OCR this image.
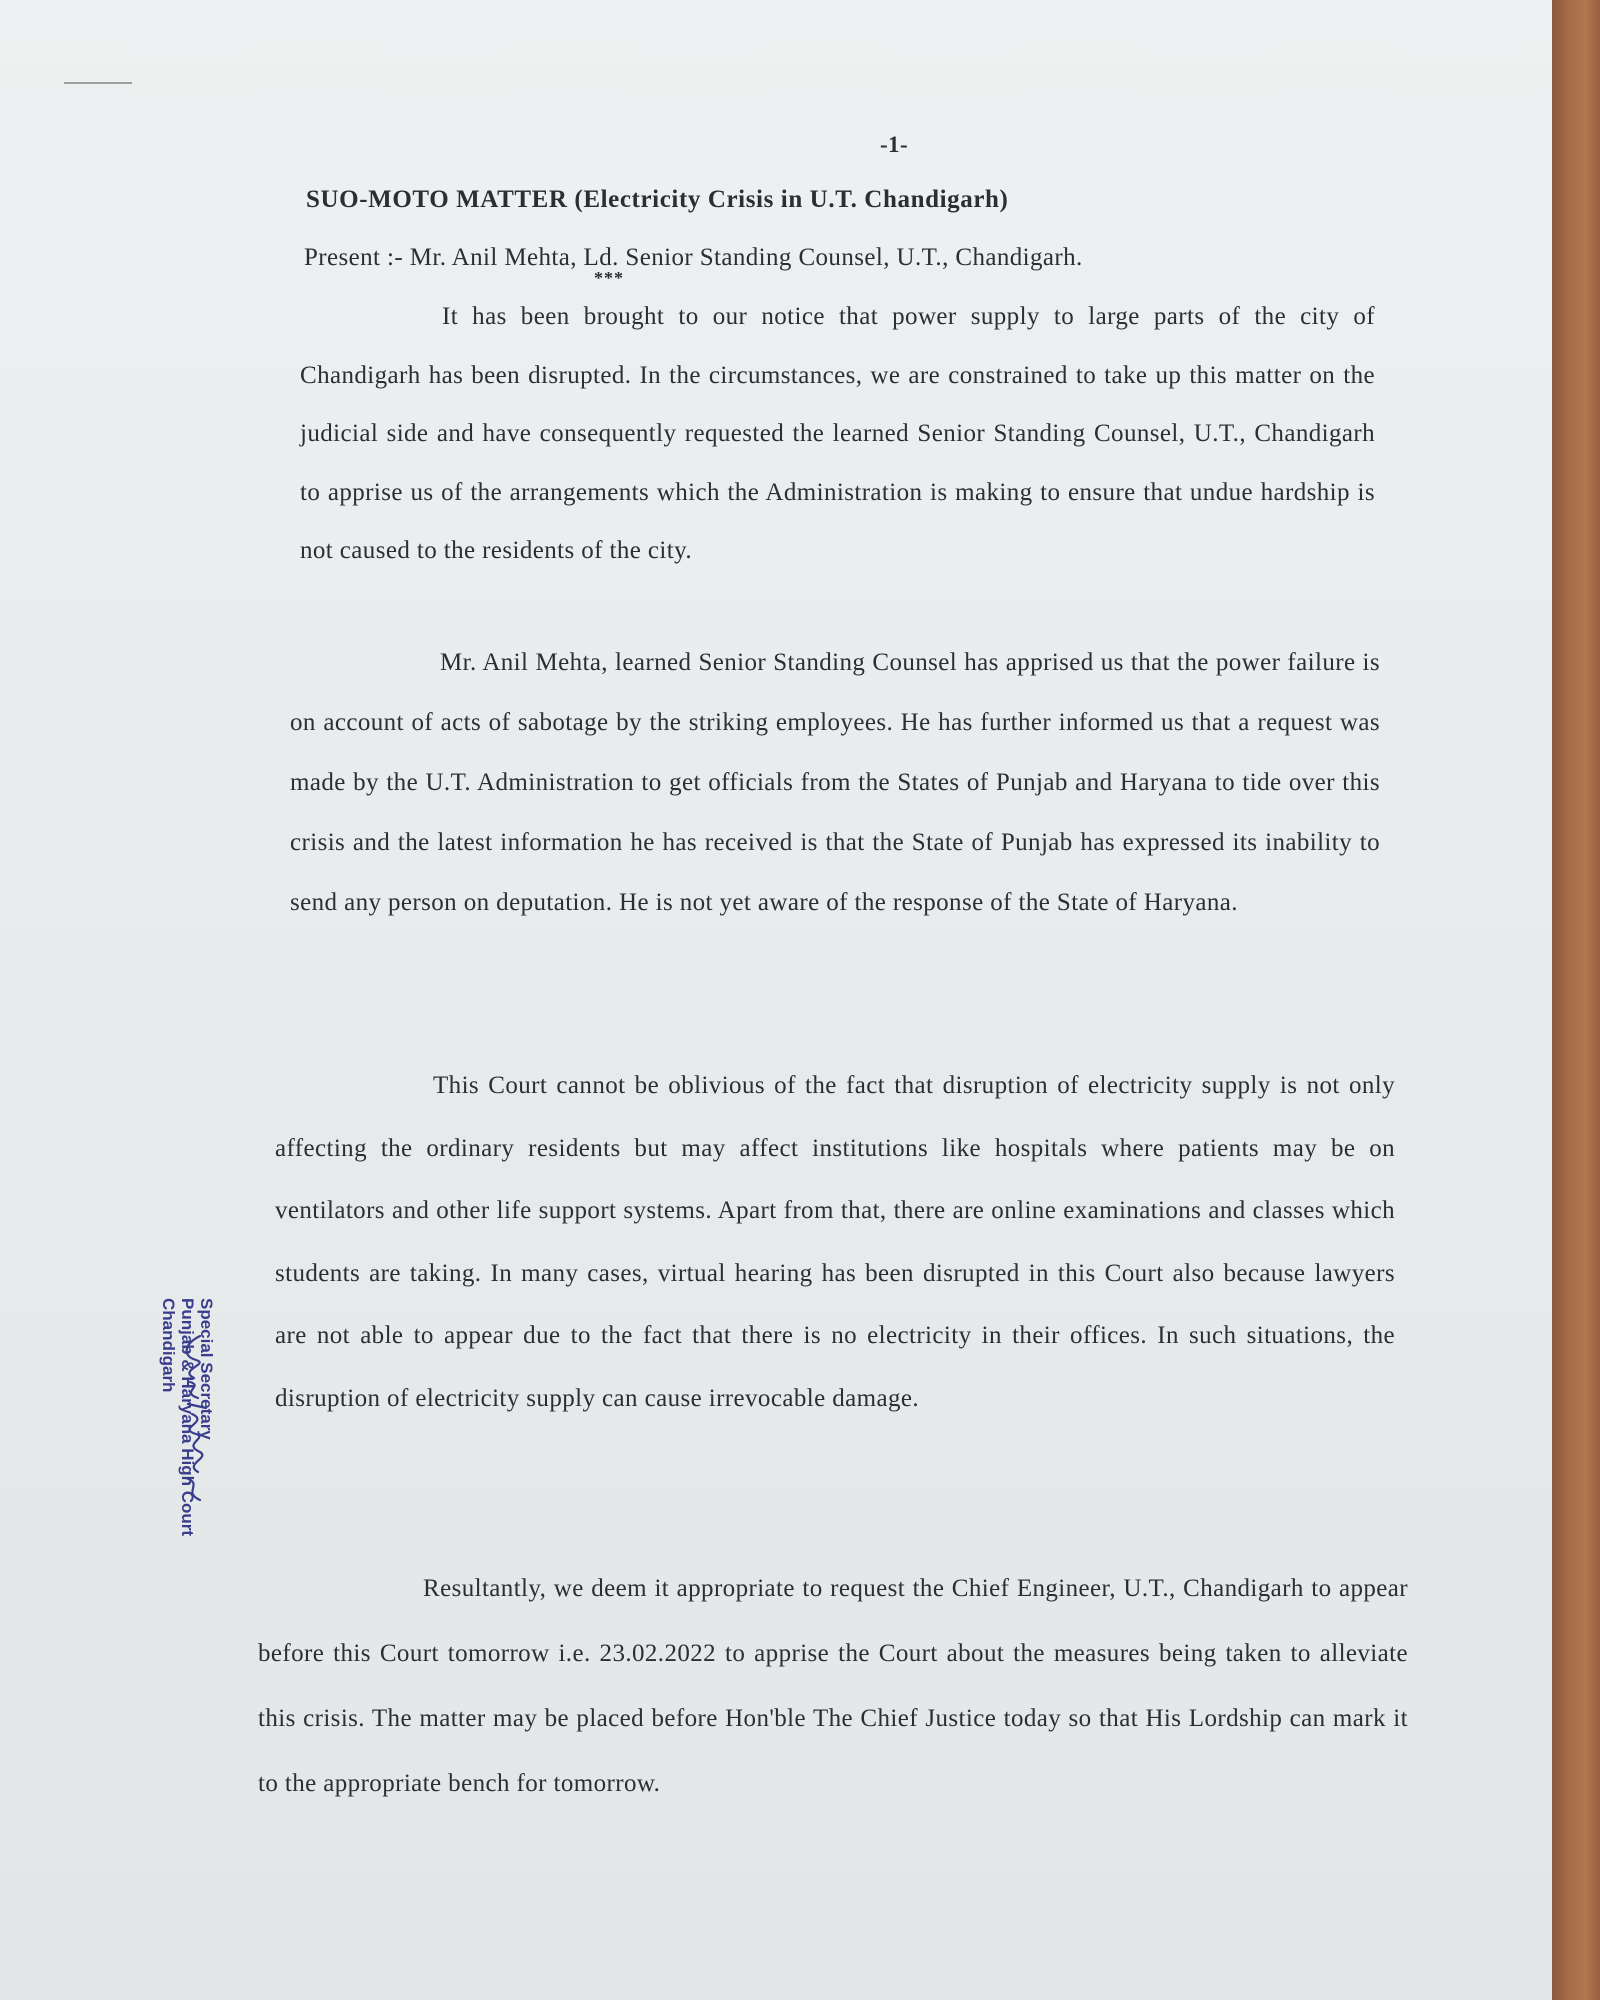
-1-
SUO-MOTO MATTER (Electricity Crisis in U.T. Chandigarh)
Present :- Mr. Anil Mehta, Ld. Senior Standing Counsel, U.T., Chandigarh.
***

It has been brought to our notice that power supply to large parts of the city of Chandigarh has been disrupted. In the circumstances, we are constrained to take up this matter on the judicial side and have consequently requested the learned Senior Standing Counsel, U.T., Chandigarh to apprise us of the arrangements which the Administration is making to ensure that undue hardship is not caused to the residents of the city.

Mr. Anil Mehta, learned Senior Standing Counsel has apprised us that the power failure is on account of acts of sabotage by the striking employees. He has further informed us that a request was made by the U.T. Administration to get officials from the States of Punjab and Haryana to tide over this crisis and the latest information he has received is that the State of Punjab has expressed its inability to send any person on deputation. He is not yet aware of the response of the State of Haryana.

This Court cannot be oblivious of the fact that disruption of electricity supply is not only affecting the ordinary residents but may affect institutions like hospitals where patients may be on ventilators and other life support systems. Apart from that, there are online examinations and classes which students are taking. In many cases, virtual hearing has been disrupted in this Court also because lawyers are not able to appear due to the fact that there is no electricity in their offices. In such situations, the disruption of electricity supply can cause irrevocable damage.

Resultantly, we deem it appropriate to request the Chief Engineer, U.T., Chandigarh to appear before this Court tomorrow i.e. 23.02.2022 to apprise the Court about the measures being taken to alleviate this crisis. The matter may be placed before Hon'ble The Chief Justice today so that His Lordship can mark it to the appropriate bench for tomorrow.

Special Secretary
Punjab & Haryana High Court
Chandigarh
